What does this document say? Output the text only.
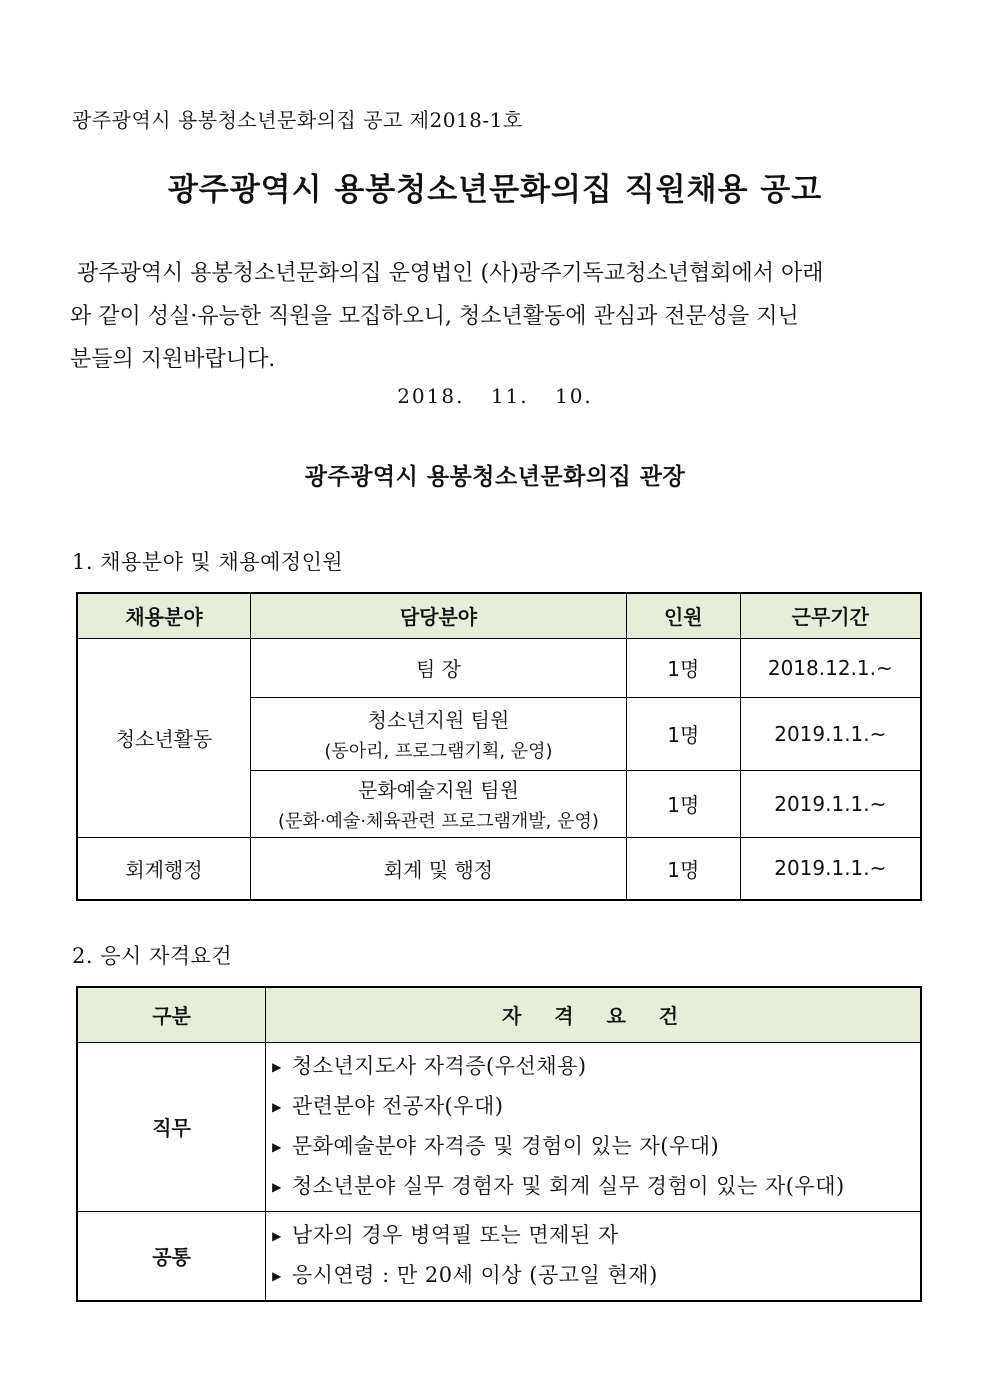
광주광역시 용봉청소년문화의집 공고 제2018-1호
광주광역시 용봉청소년문화의집 직원채용 공고
광주광역시 용봉청소년문화의집 운영법인 (사)광주기독교청소년협회에서 아래
와 같이 성실·유능한 직원을 모집하오니, 청소년활동에 관심과 전문성을 지닌
분들의 지원바랍니다.
2018. 11. 10.
광주광역시 용봉청소년문화의집 관장
1. 채용분야 및 채용예정인원
채용분야	담당분야	인원	근무기간
청소년활동	팀 장	1명	2018.12.1.~
	청소년지원 팀원
(동아리, 프로그램기획, 운영)	1명	2019.1.1.~
	문화예술지원 팀원
(문화·예술·체육관련 프로그램개발, 운영)	1명	2019.1.1.~
회계행정	회계 및 행정	1명	2019.1.1.~
2. 응시 자격요건
구분	자 격 요 건
직무	▶ 청소년지도사 자격증(우선채용)
▶ 관련분야 전공자(우대)
▶ 문화예술분야 자격증 및 경험이 있는 자(우대)
▶ 청소년분야 실무 경험자 및 회계 실무 경험이 있는 자(우대)

공통	▶ 남자의 경우 병역필 또는 면제된 자
▶ 응시연령 : 만 20세 이상 (공고일 현재)
